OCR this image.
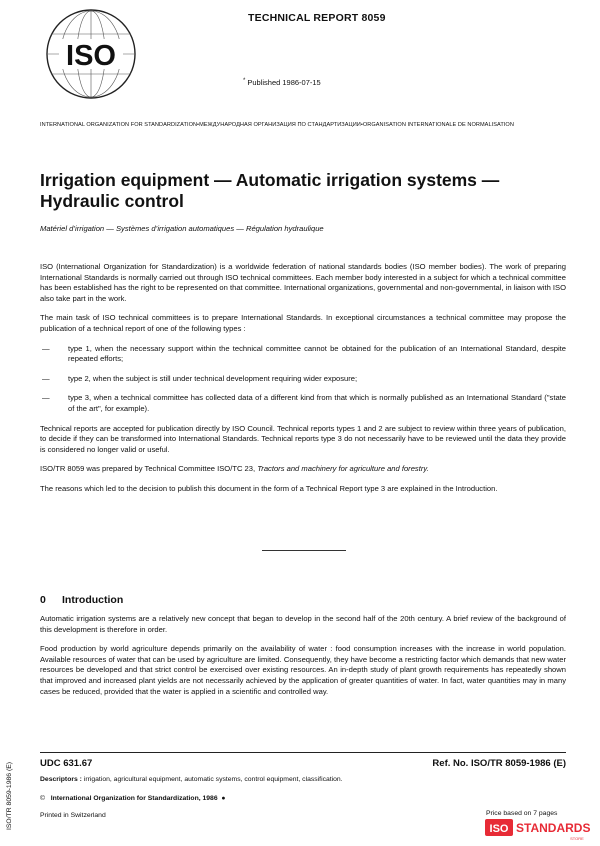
ISO
TECHNICAL REPORT 8059
* Published 1986-07-15
INTERNATIONAL ORGANIZATION FOR STANDARDIZATION•МЕЖДУНАРОДНАЯ ОРГАНИЗАЦИЯ ПО СТАНДАРТИЗАЦИИ•ORGANISATION INTERNATIONALE DE NORMALISATION
Irrigation equipment — Automatic irrigation systems —
Hydraulic control
Matériel d’irrigation — Systèmes d’irrigation automatiques — Régulation hydraulique

ISO (International Organization for Standardization) is a worldwide federation of national standards bodies (ISO member bodies). The work of preparing International Standards is normally carried out through ISO technical committees. Each member body interested in a subject for which a technical committee has been established has the right to be represented on that committee. International organizations, governmental and non-governmental, in liaison with ISO also take part in the work.

The main task of ISO technical committees is to prepare International Standards. In exceptional circumstances a technical committee may propose the publication of a technical report of one of the following types :

—	type 1, when the necessary support within the technical committee cannot be obtained for the publication of an International Standard, despite repeated efforts;
—	type 2, when the subject is still under technical development requiring wider exposure;
—	type 3, when a technical committee has collected data of a different kind from that which is normally published as an International Standard ("state of the art", for example).

Technical reports are accepted for publication directly by ISO Council. Technical reports types 1 and 2 are subject to review within three years of publication, to decide if they can be transformed into International Standards. Technical reports type 3 do not necessarily have to be reviewed until the data they provide is considered no longer valid or useful.

ISO/TR 8059 was prepared by Technical Committee ISO/TC 23, Tractors and machinery for agriculture and forestry.

The reasons which led to the decision to publish this document in the form of a Technical Report type 3 are explained in the Introduction.

0 Introduction

Automatic irrigation systems are a relatively new concept that began to develop in the second half of the 20th century. A brief review of the background of this development is therefore in order.

Food production by world agriculture depends primarily on the availability of water : food consumption increases with the increase in world population. Available resources of water that can be used by agriculture are limited. Consequently, they have become a restricting factor which demands that new water resources be developed and that strict control be exercised over existing resources. An in-depth study of plant growth requirements has repeatedly shown that improved and increased plant yields are not necessarily achieved by the application of greater quantities of water. In fact, water quantities may in many cases be reduced, provided that the water is applied in a scientific and controlled way.

UDC 631.67	Ref. No. ISO/TR 8059-1986 (E)
Descriptors : irrigation, agricultural equipment, automatic systems, control equipment, classification.
© International Organization for Standardization, 1986 ●
Printed in Switzerland	Price based on 7 pages
ISO/TR 8059-1986 (E)	ISO STANDARDS
STORE
